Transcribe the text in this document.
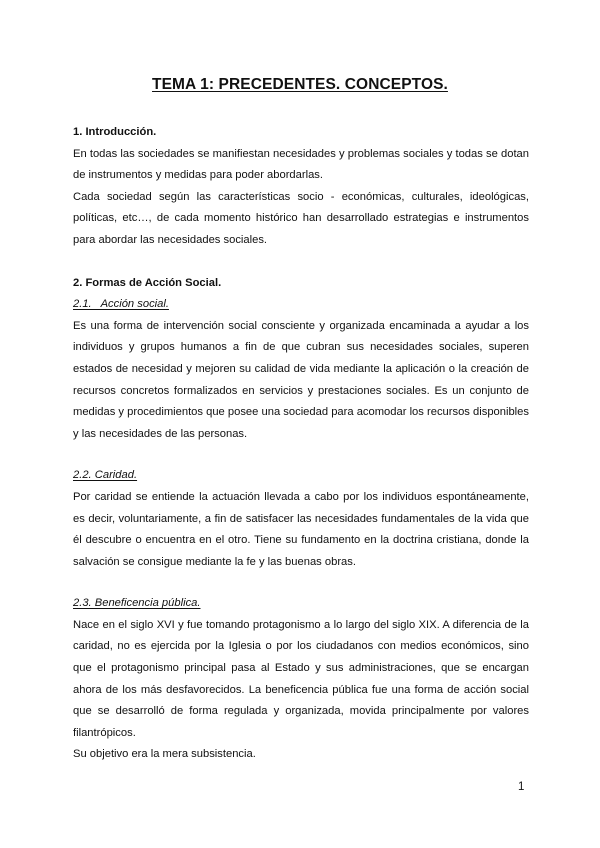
TEMA 1: PRECEDENTES. CONCEPTOS.

1. Introducción.

En todas las sociedades se manifiestan necesidades y problemas sociales y todas se dotan de instrumentos y medidas para poder abordarlas.

Cada sociedad según las características socio - económicas, culturales, ideológicas, políticas, etc…, de cada momento histórico han desarrollado estrategias e instrumentos para abordar las necesidades sociales.

2. Formas de Acción Social.

2.1.   Acción social.

Es una forma de intervención social consciente y organizada encaminada a ayudar a los individuos y grupos humanos a fin de que cubran sus necesidades sociales, superen estados de necesidad y mejoren su calidad de vida mediante la aplicación o la creación de recursos concretos formalizados en servicios y prestaciones sociales. Es un conjunto de medidas y procedimientos que posee una sociedad para acomodar los recursos disponibles y las necesidades de las personas.

2.2. Caridad.

Por caridad se entiende la actuación llevada a cabo por los individuos espontáneamente, es decir, voluntariamente, a fin de satisfacer las necesidades fundamentales de la vida que él descubre o encuentra en el otro. Tiene su fundamento en la doctrina cristiana, donde la salvación se consigue mediante la fe y las buenas obras.

2.3. Beneficencia pública.

Nace en el siglo XVI y fue tomando protagonismo a lo largo del siglo XIX. A diferencia de la caridad, no es ejercida por la Iglesia o por los ciudadanos con medios económicos, sino que el protagonismo principal pasa al Estado y sus administraciones, que se encargan ahora de los más desfavorecidos. La beneficencia pública fue una forma de acción social que se desarrolló de forma regulada y organizada, movida principalmente por valores filantrópicos.

Su objetivo era la mera subsistencia.

1
